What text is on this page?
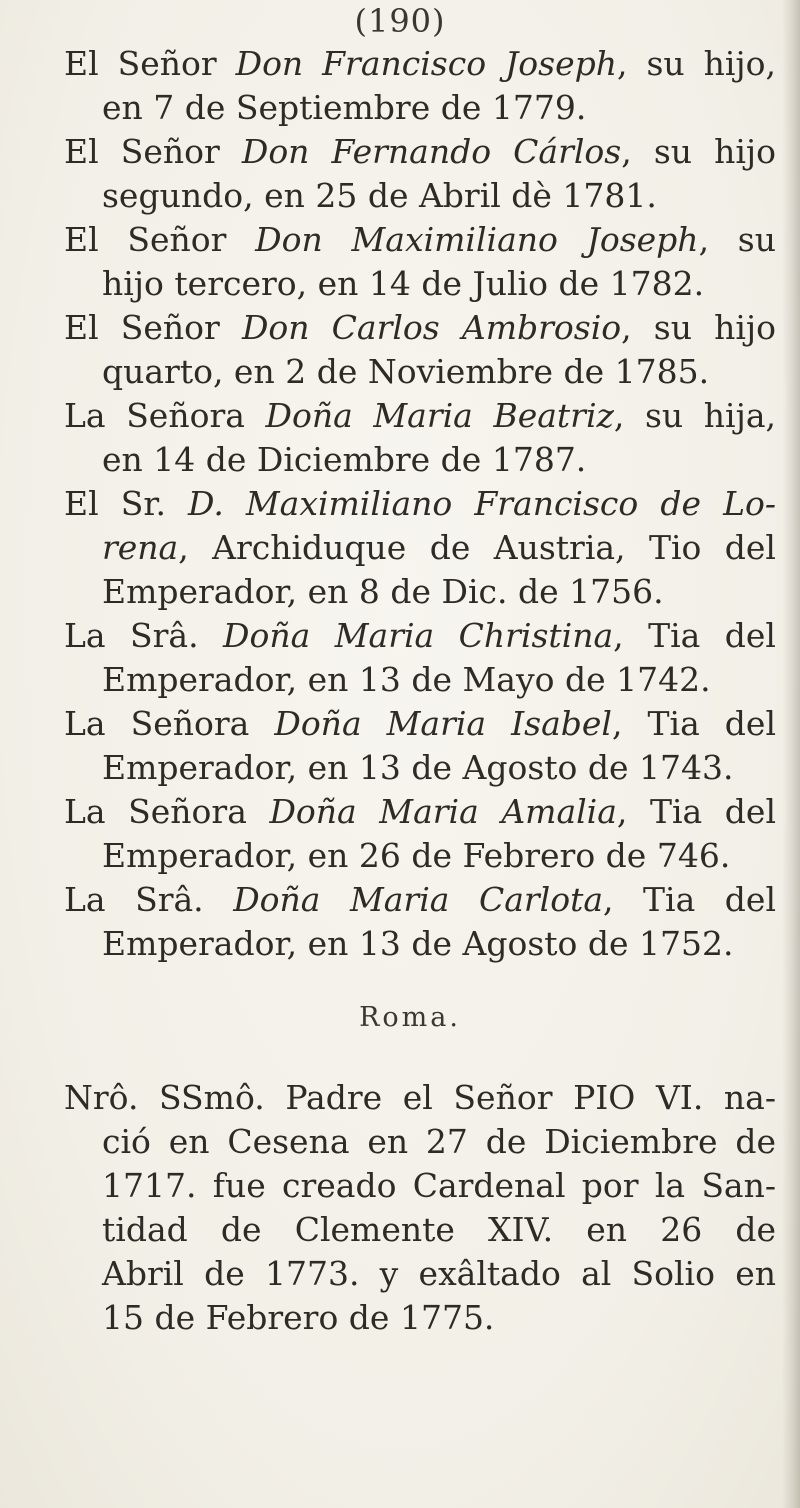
(190)
El Señor Don Francisco Joseph, su hijo,
en 7 de Septiembre de 1779.
El Señor Don Fernando Cárlos, su hijo
segundo, en 25 de Abril dè 1781.
El Señor Don Maximiliano Joseph, su
hijo tercero, en 14 de Julio de 1782.
El Señor Don Carlos Ambrosio, su hijo
quarto, en 2 de Noviembre de 1785.
La Señora Doña Maria Beatriz, su hija,
en 14 de Diciembre de 1787.
El Sr. D. Maximiliano Francisco de Lo-
rena, Archiduque de Austria, Tio del
Emperador, en 8 de Dic. de 1756.
La Srâ. Doña Maria Christina, Tia del
Emperador, en 13 de Mayo de 1742.
La Señora Doña Maria Isabel, Tia del
Emperador, en 13 de Agosto de 1743.
La Señora Doña Maria Amalia, Tia del
Emperador, en 26 de Febrero de 746.
La Srâ. Doña Maria Carlota, Tia del
Emperador, en 13 de Agosto de 1752.
Roma.
Nrô. SSmô. Padre el Señor PIO VI. na-
ció en Cesena en 27 de Diciembre de
1717. fue creado Cardenal por la San-
tidad de Clemente XIV. en 26 de
Abril de 1773. y exâltado al Solio en
15 de Febrero de 1775.
